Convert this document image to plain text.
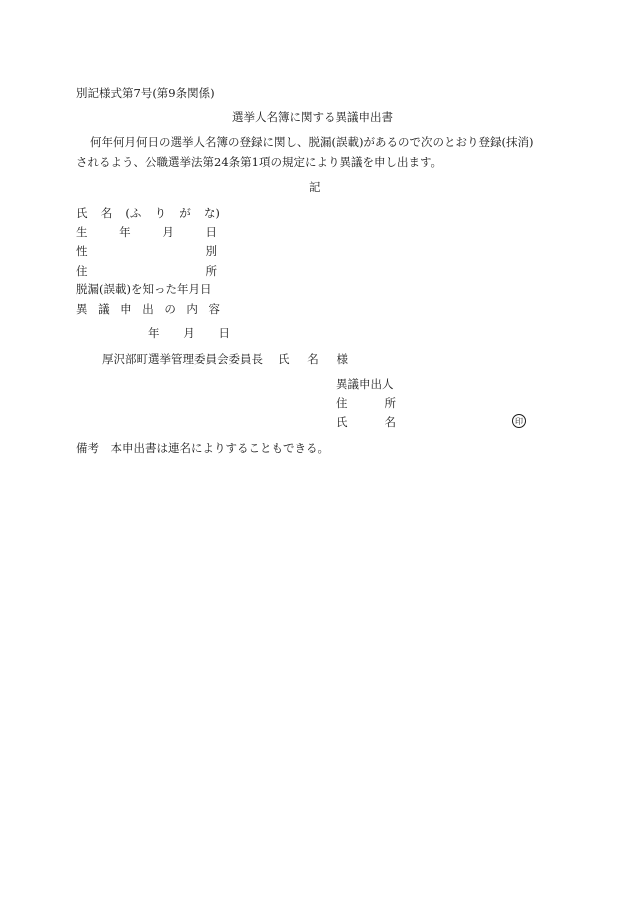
別記様式第7号(第9条関係)
選挙人名簿に関する異議申出書
何年何月何日の選挙人名簿の登録に関し、脱漏(誤載)があるので次のとおり登録(抹消)
されるよう、公職選挙法第24条第1項の規定により異議を申し出ます。
記
氏 名 (ふ り が な)
生	年	月	日
性	別
住	所
脱漏(誤載)を知った年月日
異 議 申 出 の 内 容
年 月 日
厚沢部町選挙管理委員会委員長 氏 名 様
異議申出人
住	所
氏	名	印
備考　本申出書は連名によりすることもできる。
